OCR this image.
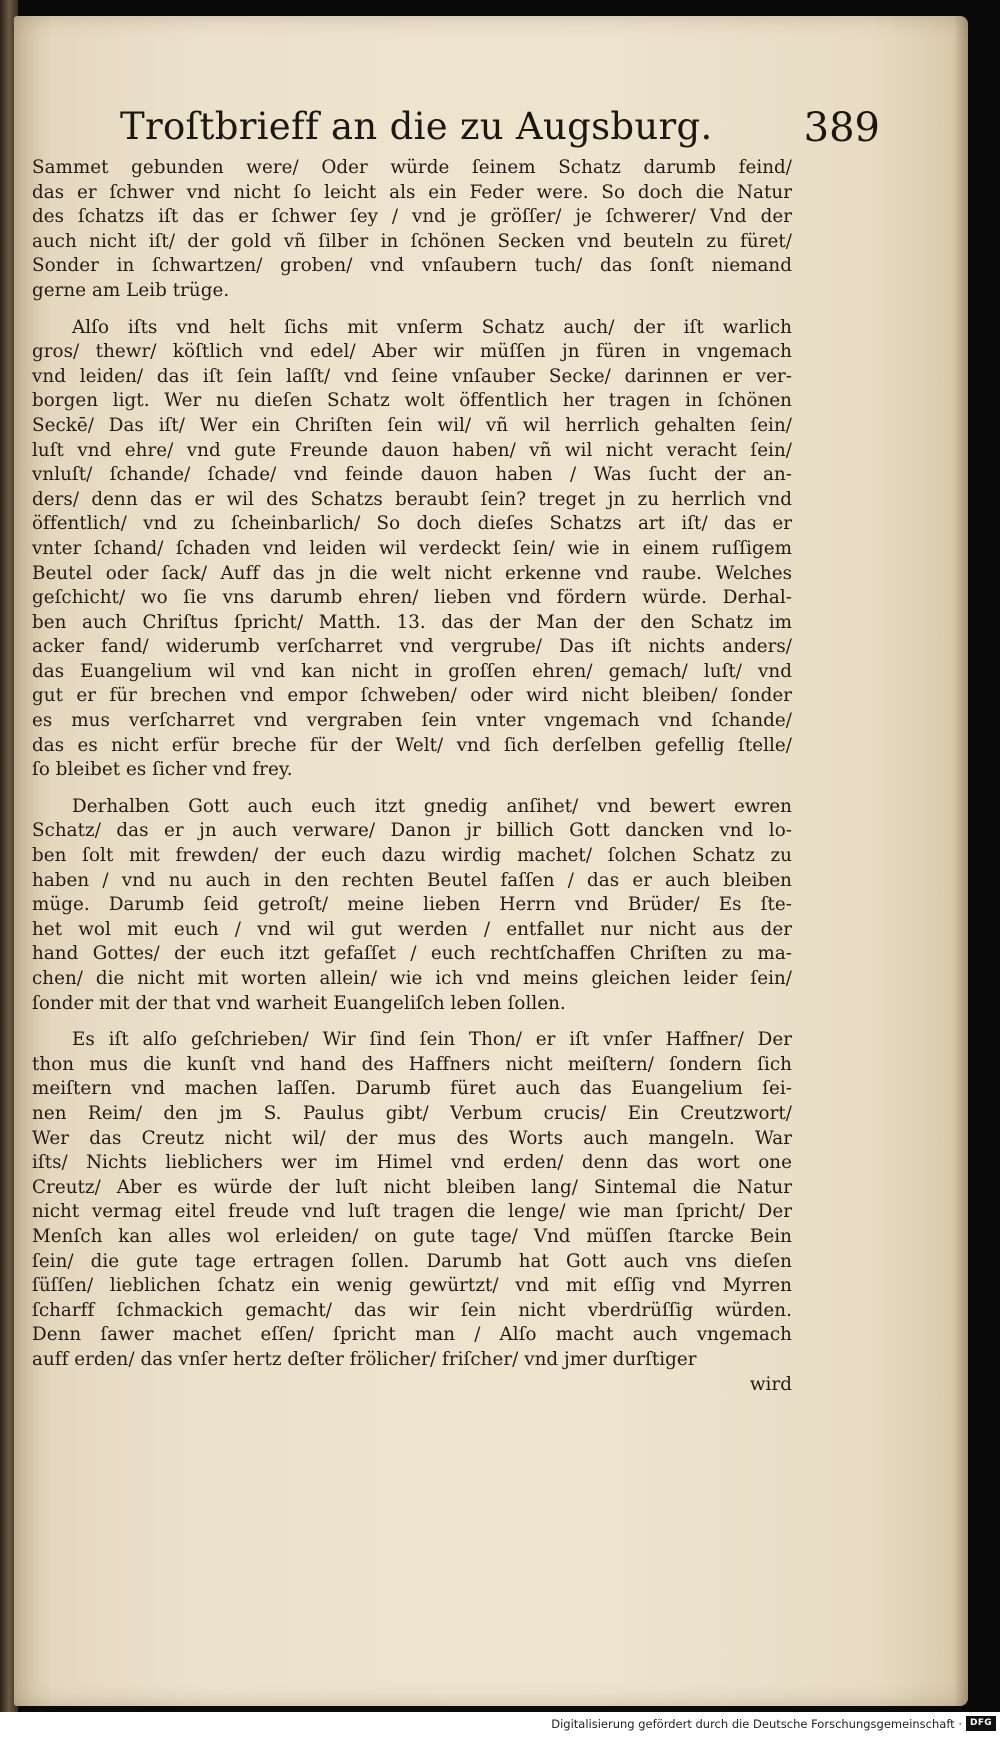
Troſtbrieff an die zu Augsburg. 389
Sammet gebunden were/ Oder würde ſeinem Schatz darumb feind/
das er ſchwer vnd nicht ſo leicht als ein Feder were. So doch die Natur
des ſchatzs iſt das er ſchwer ſey / vnd je gröſſer/ je ſchwerer/ Vnd der
auch nicht iſt/ der gold vñ ſilber in ſchönen Secken vnd beuteln zu füret/
Sonder in ſchwartzen/ groben/ vnd vnſaubern tuch/ das ſonſt niemand
gerne am Leib trüge.
Alſo iſts vnd helt ſichs mit vnſerm Schatz auch/ der iſt warlich
gros/ thewr/ köſtlich vnd edel/ Aber wir müſſen jn füren in vngemach
vnd leiden/ das iſt ſein laſſt/ vnd ſeine vnſauber Secke/ darinnen er ver-
borgen ligt. Wer nu dieſen Schatz wolt öffentlich her tragen in ſchönen
Seckē/ Das iſt/ Wer ein Chriſten ſein wil/ vñ wil herrlich gehalten ſein/
luſt vnd ehre/ vnd gute Freunde dauon haben/ vñ wil nicht veracht ſein/
vnluſt/ ſchande/ ſchade/ vnd feinde dauon haben / Was ſucht der an-
ders/ denn das er wil des Schatzs beraubt ſein? treget jn zu herrlich vnd
öffentlich/ vnd zu ſcheinbarlich/ So doch dieſes Schatzs art iſt/ das er
vnter ſchand/ ſchaden vnd leiden wil verdeckt ſein/ wie in einem ruſſigem
Beutel oder ſack/ Auff das jn die welt nicht erkenne vnd raube. Welches
geſchicht/ wo ſie vns darumb ehren/ lieben vnd fördern würde. Derhal-
ben auch Chriſtus ſpricht/ Matth. 13. das der Man der den Schatz im
acker fand/ widerumb verſcharret vnd vergrube/ Das iſt nichts anders/
das Euangelium wil vnd kan nicht in groſſen ehren/ gemach/ luſt/ vnd
gut er für brechen vnd empor ſchweben/ oder wird nicht bleiben/ ſonder
es mus verſcharret vnd vergraben ſein vnter vngemach vnd ſchande/
das es nicht erfür breche für der Welt/ vnd ſich derſelben gefellig ſtelle/
ſo bleibet es ſicher vnd frey.
Derhalben Gott auch euch itzt gnedig anſihet/ vnd bewert ewren
Schatz/ das er jn auch verware/ Danon jr billich Gott dancken vnd lo-
ben ſolt mit frewden/ der euch dazu wirdig machet/ ſolchen Schatz zu
haben / vnd nu auch in den rechten Beutel faſſen / das er auch bleiben
müge. Darumb ſeid getroſt/ meine lieben Herrn vnd Brüder/ Es ſte-
het wol mit euch / vnd wil gut werden / entfallet nur nicht aus der
hand Gottes/ der euch itzt gefaſſet / euch rechtſchaffen Chriſten zu ma-
chen/ die nicht mit worten allein/ wie ich vnd meins gleichen leider ſein/
ſonder mit der that vnd warheit Euangeliſch leben ſollen.
Es iſt alſo geſchrieben/ Wir ſind ſein Thon/ er iſt vnſer Haffner/ Der
thon mus die kunſt vnd hand des Haffners nicht meiſtern/ ſondern ſich
meiſtern vnd machen laſſen. Darumb füret auch das Euangelium ſei-
nen Reim/ den jm S. Paulus gibt/ Verbum crucis/ Ein Creutzwort/
Wer das Creutz nicht wil/ der mus des Worts auch mangeln. War
iſts/ Nichts lieblichers wer im Himel vnd erden/ denn das wort one
Creutz/ Aber es würde der luſt nicht bleiben lang/ Sintemal die Natur
nicht vermag eitel freude vnd luſt tragen die lenge/ wie man ſpricht/ Der
Menſch kan alles wol erleiden/ on gute tage/ Vnd müſſen ſtarcke Bein
ſein/ die gute tage ertragen ſollen. Darumb hat Gott auch vns dieſen
ſüſſen/ lieblichen ſchatz ein wenig gewürtzt/ vnd mit eſſig vnd Myrren
ſcharff ſchmackich gemacht/ das wir ſein nicht vberdrüſſig würden.
Denn ſawer machet eſſen/ ſpricht man / Alſo macht auch vngemach
auff erden/ das vnſer hertz deſter frölicher/ friſcher/ vnd jmer durſtiger
wird
Digitalisierung gefördert durch die Deutsche Forschungsgemeinschaft · DFG
